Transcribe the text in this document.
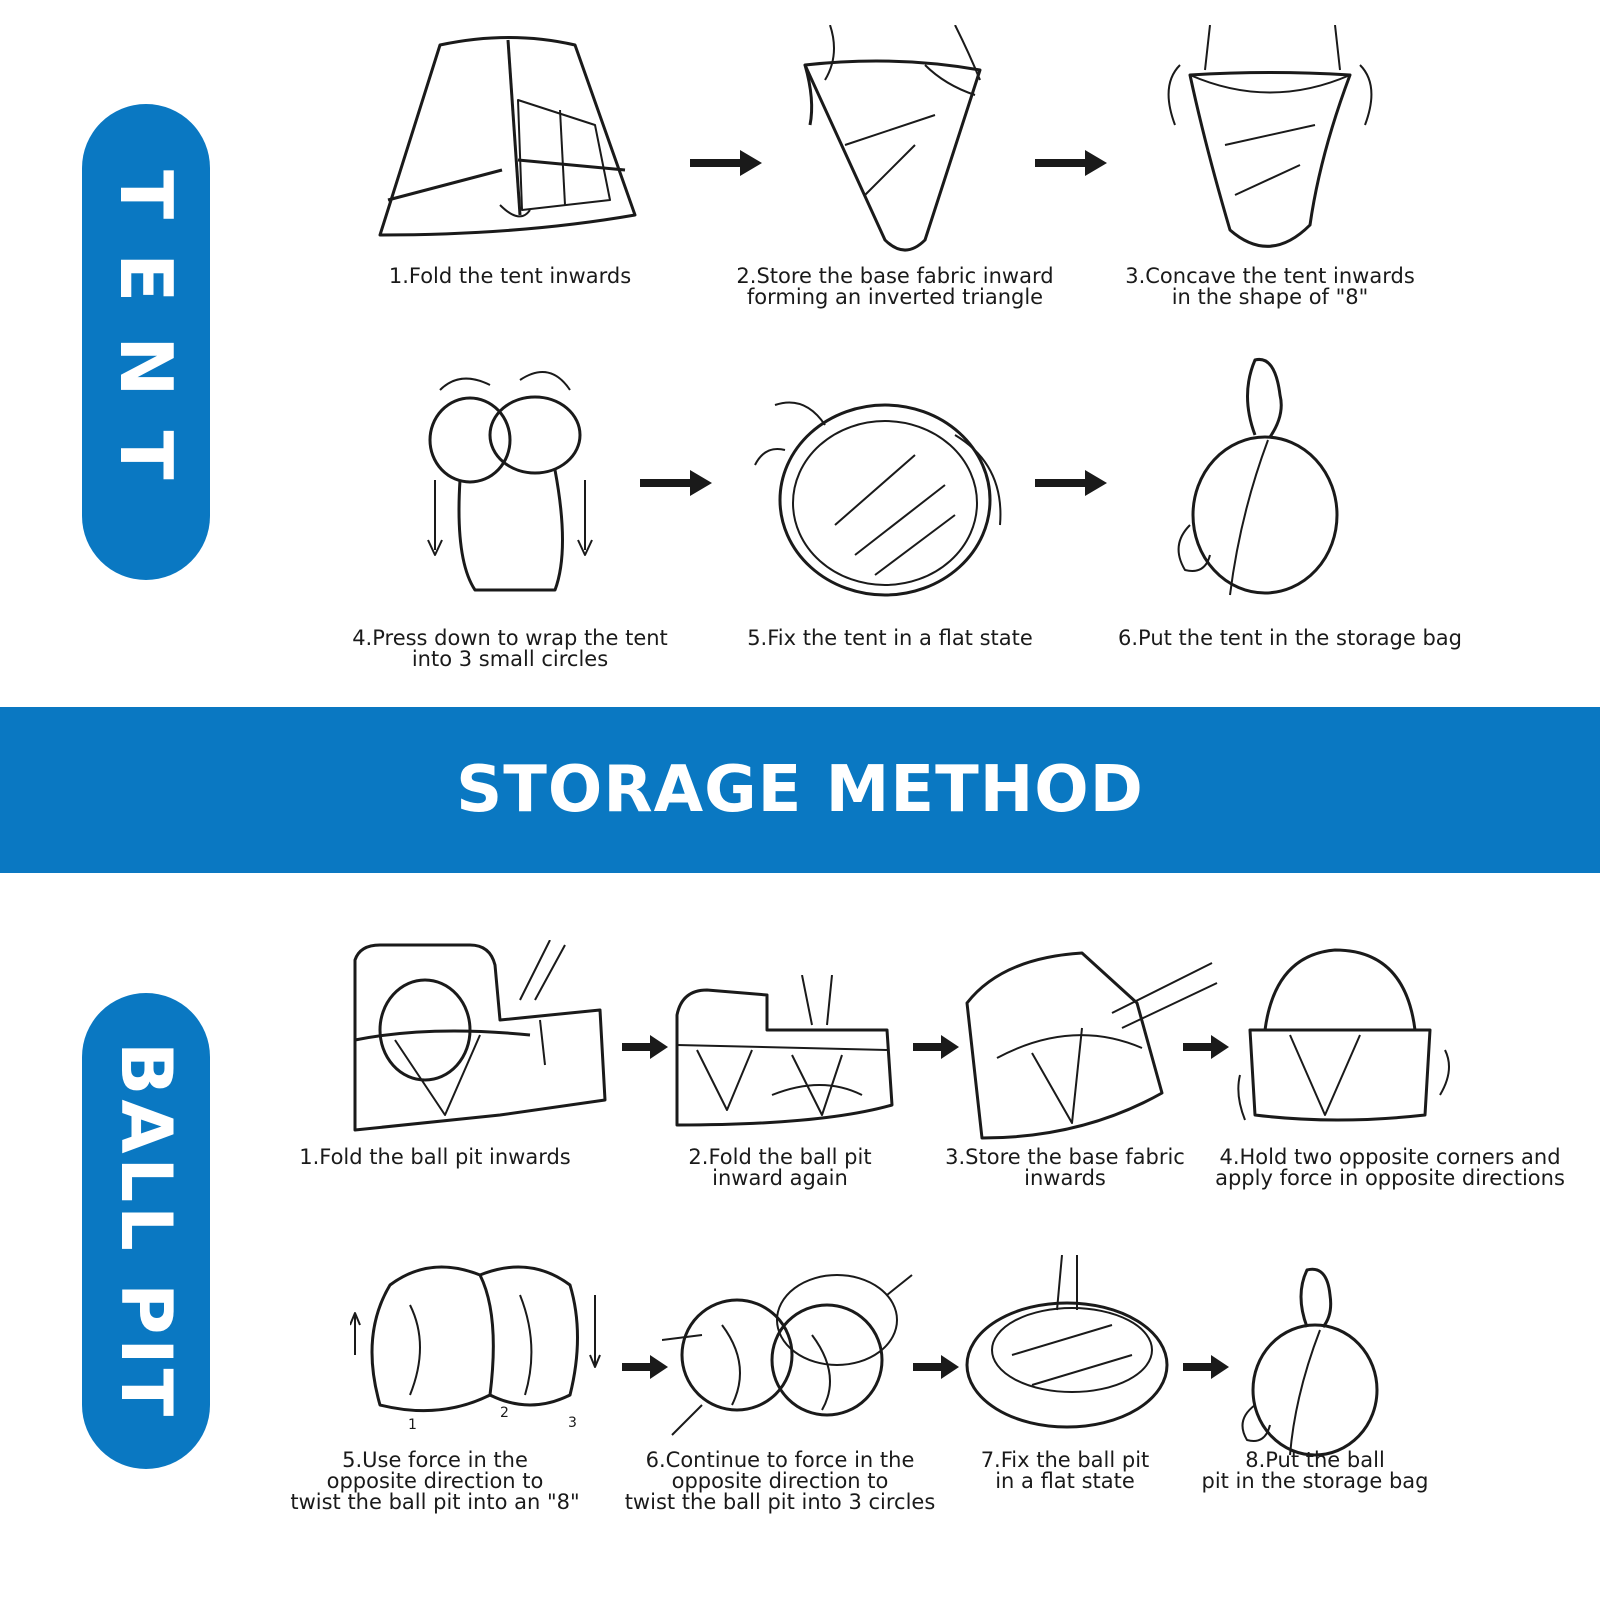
TENT
BALL PIT
STORAGE METHOD
1.Fold the tent inwards	2.Store the base fabric inward
forming an inverted triangle
3.Concave the tent inwards
in the shape of "8"
4.Press down to wrap the tent
into 3 small circles
5.Fix the tent in a flat state	6.Put the tent in the storage bag
1.Fold the ball pit inwards	2.Fold the ball pit
inward again
3.Store the base fabric
inwards
4.Hold two opposite corners and
apply force in opposite directions
1
2
3
5.Use force in the
opposite direction to
twist the ball pit into an "8"
6.Continue to force in the
opposite direction to
twist the ball pit into 3 circles
7.Fix the ball pit
in a flat state
8.Put the ball
pit in the storage bag
